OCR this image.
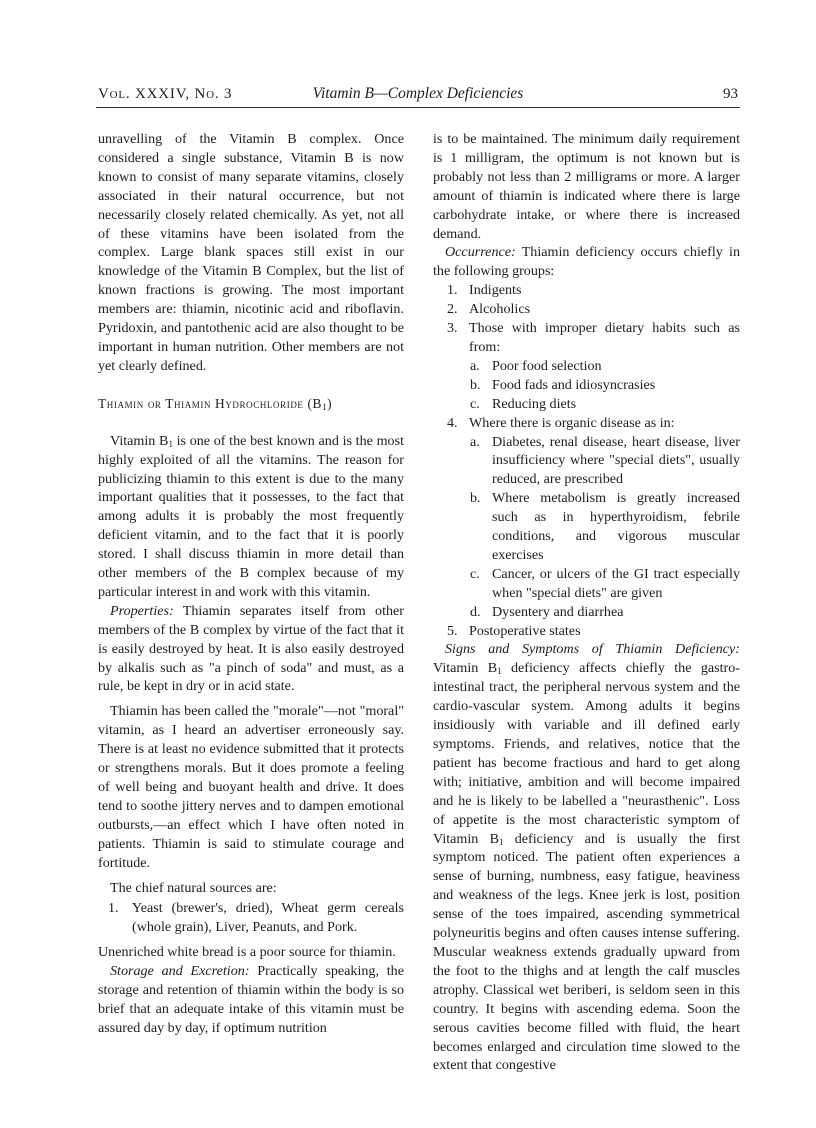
Vol. XXXIV, No. 3	Vitamin B—Complex Deficiencies	93

unravelling of the Vitamin B complex. Once considered a single substance, Vitamin B is now known to consist of many separate vitamins, closely associated in their natural occurrence, but not necessarily closely related chemically. As yet, not all of these vitamins have been isolated from the complex. Large blank spaces still exist in our knowledge of the Vitamin B Complex, but the list of known fractions is growing. The most important members are: thiamin, nicotinic acid and riboflavin. Pyridoxin, and pantothenic acid are also thought to be important in human nutrition. Other members are not yet clearly defined.

Thiamin or Thiamin Hydrochloride $(B_1)$

Vitamin $B_1$ is one of the best known and is the most highly exploited of all the vitamins. The reason for publicizing thiamin to this extent is due to the many important qualities that it possesses, to the fact that among adults it is probably the most frequently deficient vitamin, and to the fact that it is poorly stored. I shall discuss thiamin in more detail than other members of the B complex because of my particular interest in and work with this vitamin.

Properties: Thiamin separates itself from other members of the B complex by virtue of the fact that it is easily destroyed by heat. It is also easily destroyed by alkalis such as "a pinch of soda" and must, as a rule, be kept in dry or in acid state.

Thiamin has been called the "morale"—not "moral" vitamin, as I heard an advertiser erroneously say. There is at least no evidence submitted that it protects or strengthens morals. But it does promote a feeling of well being and buoyant health and drive. It does tend to soothe jittery nerves and to dampen emotional outbursts,—an effect which I have often noted in patients. Thiamin is said to stimulate courage and fortitude.

The chief natural sources are:

1. Yeast (brewer's, dried), Wheat germ cereals (whole grain), Liver, Peanuts, and Pork.

Unenriched white bread is a poor source for thiamin.

Storage and Excretion: Practically speaking, the storage and retention of thiamin within the body is so brief that an adequate intake of this vitamin must be assured day by day, if optimum nutrition

is to be maintained. The minimum daily requirement is 1 milligram, the optimum is not known but is probably not less than 2 milligrams or more. A larger amount of thiamin is indicated where there is large carbohydrate intake, or where there is increased demand.

Occurrence: Thiamin deficiency occurs chiefly in the following groups:

1. Indigents
2. Alcoholics
3. Those with improper dietary habits such as from:
a. Poor food selection
b. Food fads and idiosyncrasies
c. Reducing diets
4. Where there is organic disease as in:
a. Diabetes, renal disease, heart disease, liver insufficiency where "special diets", usually reduced, are prescribed
b. Where metabolism is greatly increased such as in hyperthyroidism, febrile conditions, and vigorous muscular exercises
c. Cancer, or ulcers of the GI tract especially when "special diets" are given
d. Dysentery and diarrhea
5. Postoperative states

Signs and Symptoms of Thiamin Deficiency: Vitamin $B_1$ deficiency affects chiefly the gastro-intestinal tract, the peripheral nervous system and the cardio-vascular system. Among adults it begins insidiously with variable and ill defined early symptoms. Friends, and relatives, notice that the patient has become fractious and hard to get along with; initiative, ambition and will become impaired and he is likely to be labelled a "neurasthenic". Loss of appetite is the most characteristic symptom of Vitamin $B_1$ deficiency and is usually the first symptom noticed. The patient often experiences a sense of burning, numbness, easy fatigue, heaviness and weakness of the legs. Knee jerk is lost, position sense of the toes impaired, ascending symmetrical polyneuritis begins and often causes intense suffering. Muscular weakness extends gradually upward from the foot to the thighs and at length the calf muscles atrophy. Classical wet beriberi, is seldom seen in this country. It begins with ascending edema. Soon the serous cavities become filled with fluid, the heart becomes enlarged and circulation time slowed to the extent that congestive
